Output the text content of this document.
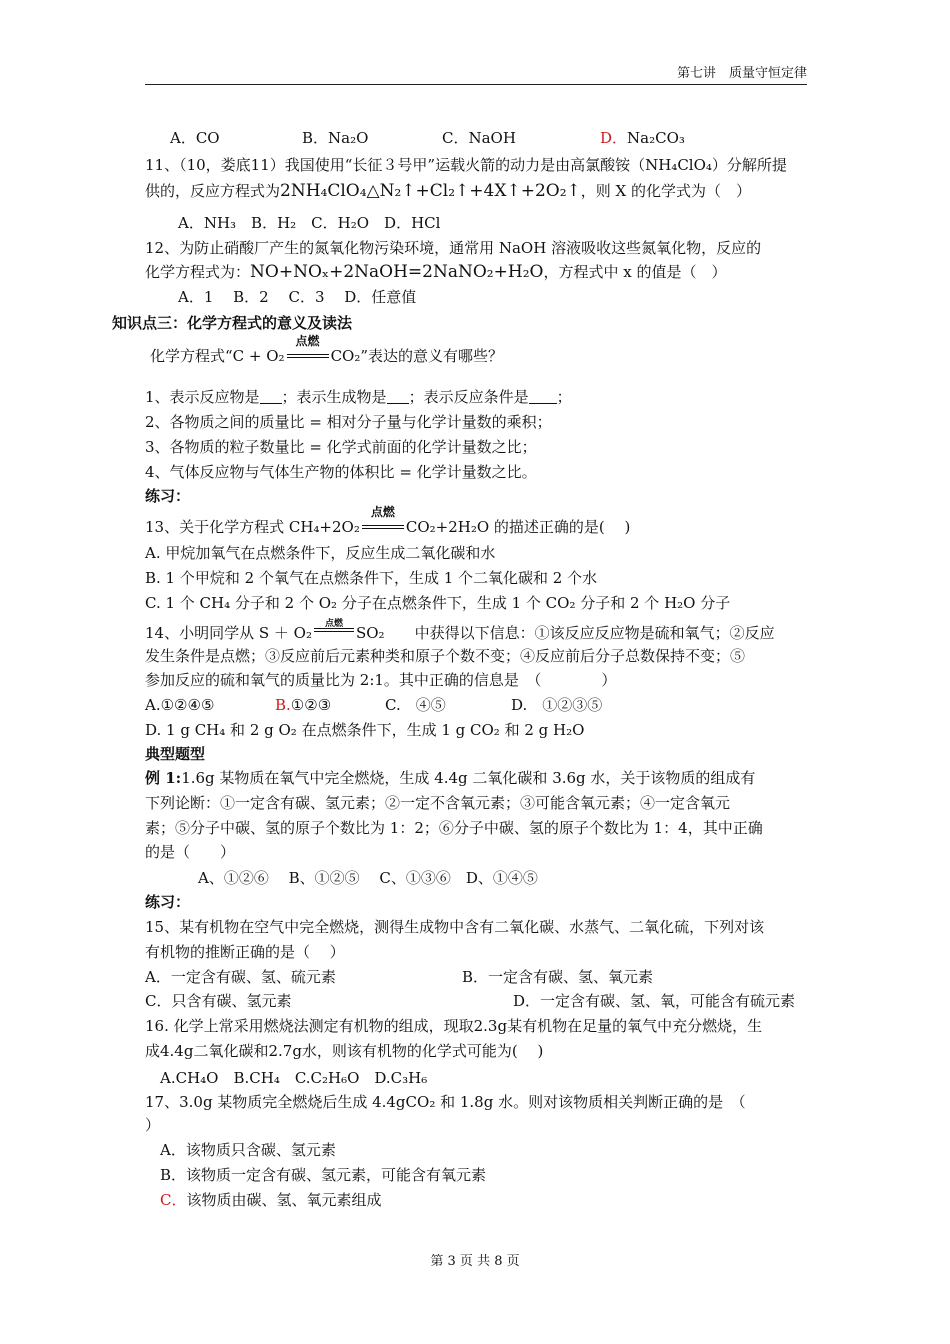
第七讲　质量守恒定律
A．CO	B．Na₂O	C．NaOH	D．Na₂CO₃
11、（10，娄底11）我国使用“长征３号甲”运载火箭的动力是由高氯酸铵（NH₄ClO₄）分解所提
供的，反应方程式为2NH₄ClO₄△N₂↑+Cl₂↑+4X↑+2O₂↑，则 X 的化学式为（　）
A．NH₃　B．H₂　C．H₂O　D．HCl
12、为防止硝酸厂产生的氮氧化物污染环境，通常用 NaOH 溶液吸收这些氮氧化物，反应的
化学方程式为：NO+NOₓ+2NaOH=2NaNO₂+H₂O，方程式中 x 的值是（　）
A．1　 B．2　 C．3　 D．任意值
知识点三：化学方程式的意义及读法
化学方程式“C + O₂
点燃
CO₂”表达的意义有哪些？
1、表示反应物是 ；表示生成物是 ；表示反应条件是 ；
2、各物质之间的质量比 = 相对分子量与化学计量数的乘积；
3、各物质的粒子数量比 = 化学式前面的化学计量数之比；
4、气体反应物与气体生产物的体积比 = 化学计量数之比。
练习：
13、关于化学方程式 CH₄+2O₂
点燃
CO₂+2H₂O 的描述正确的是(　 )
A. 甲烷加氧气在点燃条件下，反应生成二氧化碳和水
B. 1 个甲烷和 2 个氧气在点燃条件下，生成 1 个二氧化碳和 2 个水
C. 1 个 CH₄ 分子和 2 个 O₂ 分子在点燃条件下，生成 1 个 CO₂ 分子和 2 个 H₂O 分子
14、小明同学从 S ＋ O₂	点燃 SO₂　　中获得以下信息：①该反应反应物是硫和氧气；②反应
发生条件是点燃；③反应前后元素种类和原子个数不变；④反应前后分子总数保持不变；⑤
参加反应的硫和氧气的质量比为 2:1。其中正确的信息是　（　　　　）
A.①②④⑤	B.①②③	C.　④⑤	D.　①②③⑤
D. 1 g CH₄ 和 2 g O₂ 在点燃条件下，生成 1 g CO₂ 和 2 g H₂O
典型题型
例 1:1.6g 某物质在氧气中完全燃烧，生成 4.4g 二氧化碳和 3.6g 水，关于该物质的组成有
下列论断：①一定含有碳、氢元素；②一定不含氧元素；③可能含氧元素；④一定含氧元
素；⑤分子中碳、氢的原子个数比为 1：2；⑥分子中碳、氢的原子个数比为 1：4，其中正确
的是（　　）
A、①②⑥　 B、①②⑤　 C、①③⑥　D、①④⑤
练习：
15、某有机物在空气中完全燃烧，测得生成物中含有二氧化碳、水蒸气、二氧化硫，下列对该
有机物的推断正确的是（　 ）
A．一定含有碳、氢、硫元素	B．一定含有碳、氢、氧元素
C．只含有碳、氢元素	D．一定含有碳、氢、氧，可能含有硫元素
16. 化学上常采用燃烧法测定有机物的组成，现取2.3g某有机物在足量的氧气中充分燃烧，生
成4.4g二氧化碳和2.7g水，则该有机物的化学式可能为(　 )
A.CH₄O　B.CH₄　C.C₂H₆O　D.C₃H₆
17、3.0g 某物质完全燃烧后生成 4.4gCO₂ 和 1.8g 水。则对该物质相关判断正确的是　（
）
A．该物质只含碳、氢元素
B．该物质一定含有碳、氢元素，可能含有氧元素
C．该物质由碳、氢、氧元素组成
第 3 页 共 8 页
